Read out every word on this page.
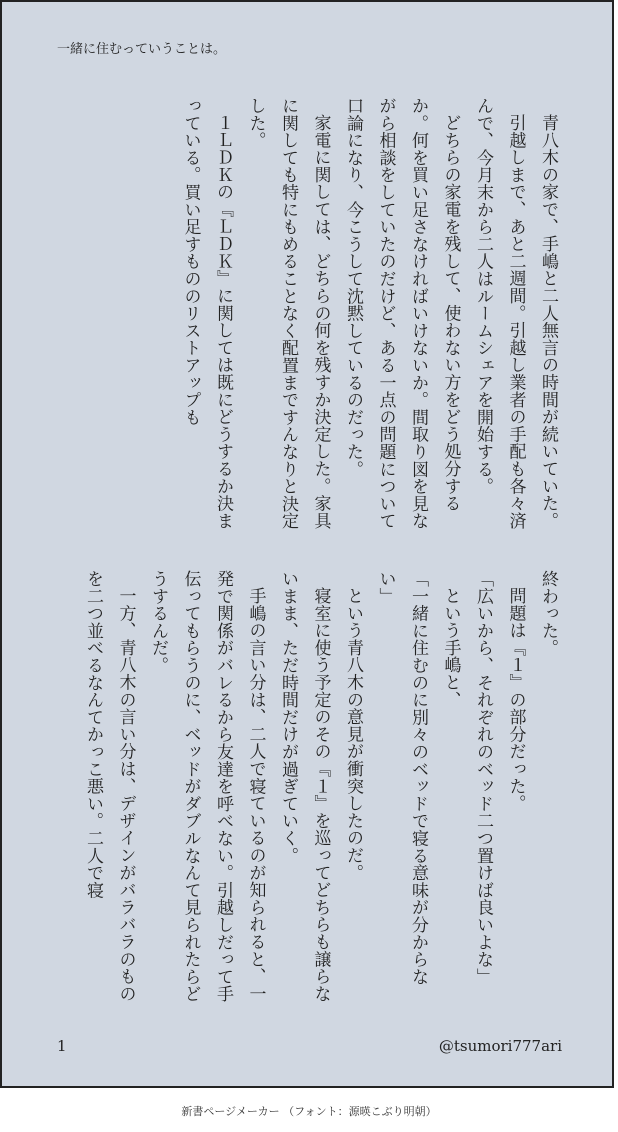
一緒に住むっていうことは。

青八木の家で、手嶋と二人無言の時間が続いていた。

引越しまで、あと二週間。引越し業者の手配も各々済んで、今月末から二人はルームシェアを開始する。

どちらの家電を残して、使わない方をどう処分するか。何を買い足さなければいけないか。間取り図を見ながら相談をしていたのだけど、ある一点の問題について口論になり、今こうして沈黙しているのだった。

家電に関しては、どちらの何を残すか決定した。家具に関しても特にもめることなく配置まですんなりと決定した。

１ＬＤＫの『ＬＤＫ』に関しては既にどうするか決まっている。買い足すもののリストアップも

終わった。

問題は『１』の部分だった。

「広いから、それぞれのベッド二つ置けば良いよな」

という手嶋と、

「一緒に住むのに別々のベッドで寝る意味が分からない」

という青八木の意見が衝突したのだ。

寝室に使う予定のその『１』を巡ってどちらも譲らないまま、ただ時間だけが過ぎていく。

手嶋の言い分は、二人で寝ているのが知られると、一発で関係がバレるから友達を呼べない。引越しだって手伝ってもらうのに、ベッドがダブルなんて見られたらどうするんだ。

一方、青八木の言い分は、デザインがバラバラのものを二つ並べるなんてかっこ悪い。二人で寝

1	@tsumori777ari
新書ページメーカー （フォント：源暎こぶり明朝）
